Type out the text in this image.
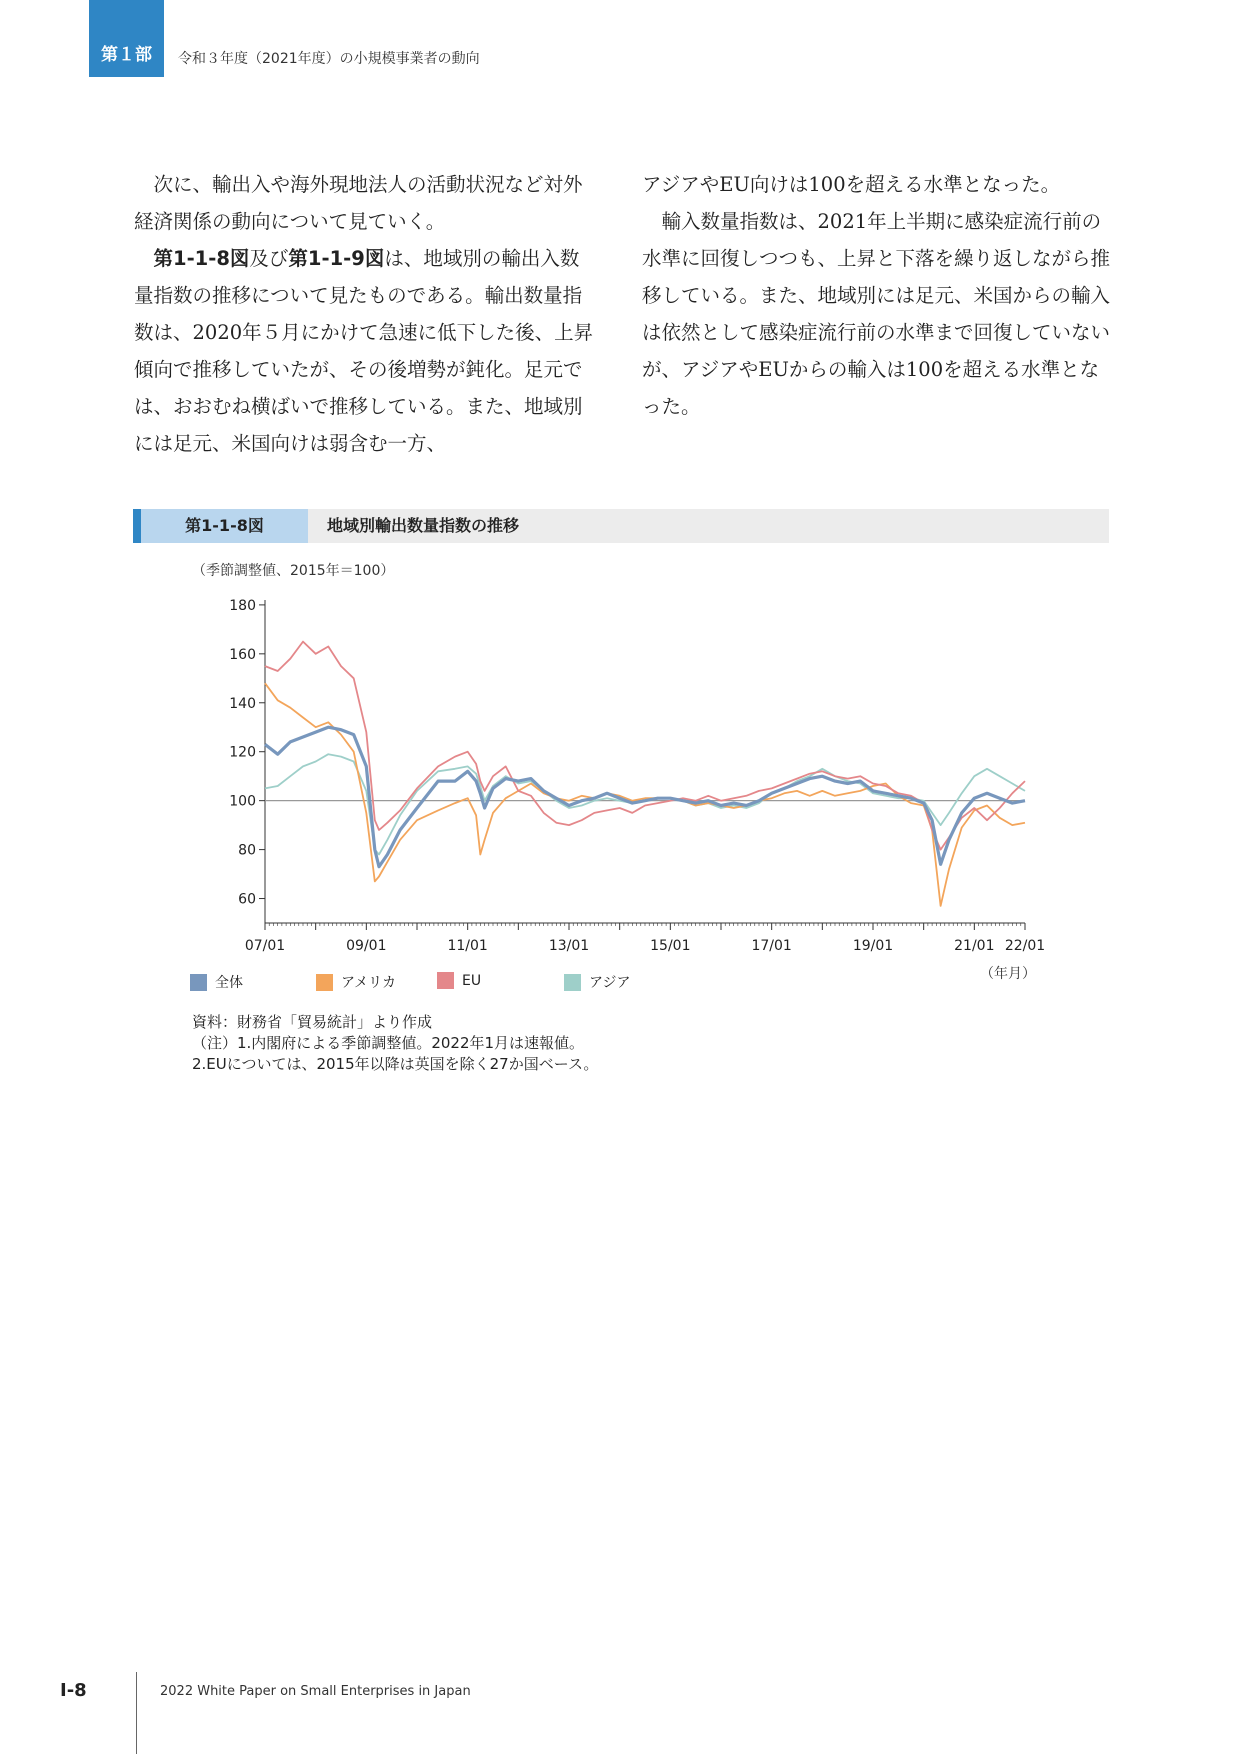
第１部 令和３年度（2021年度）の小規模事業者の動向

次に、輸出入や海外現地法人の活動状況など対外経済関係の動向について見ていく。

第1-1-8図及び第1-1-9図は、地域別の輸出入数量指数の推移について見たものである。輸出数量指数は、2020年５月にかけて急速に低下した後、上昇傾向で推移していたが、その後増勢が鈍化。足元では、おおむね横ばいで推移している。また、地域別には足元、米国向けは弱含む一方、

アジアやEU向けは100を超える水準となった。

輸入数量指数は、2021年上半期に感染症流行前の水準に回復しつつも、上昇と下落を繰り返しながら推移している。また、地域別には足元、米国からの輸入は依然として感染症流行前の水準まで回復していないが、アジアやEUからの輸入は100を超える水準となった。

第1-1-8図	地域別輸出数量指数の推移
（季節調整値、2015年＝100）
60
80
100
120
140
160
180
07/01	09/01	11/01	13/01	15/01	17/01	19/01	21/01 22/01
（年月）
全体	アメリカ	EU	アジア
資料：財務省「貿易統計」より作成
（注）1.内閣府による季節調整値。2022年1月は速報値。
2.EUについては、2015年以降は英国を除く27か国ベース。
I-8	2022 White Paper on Small Enterprises in Japan
